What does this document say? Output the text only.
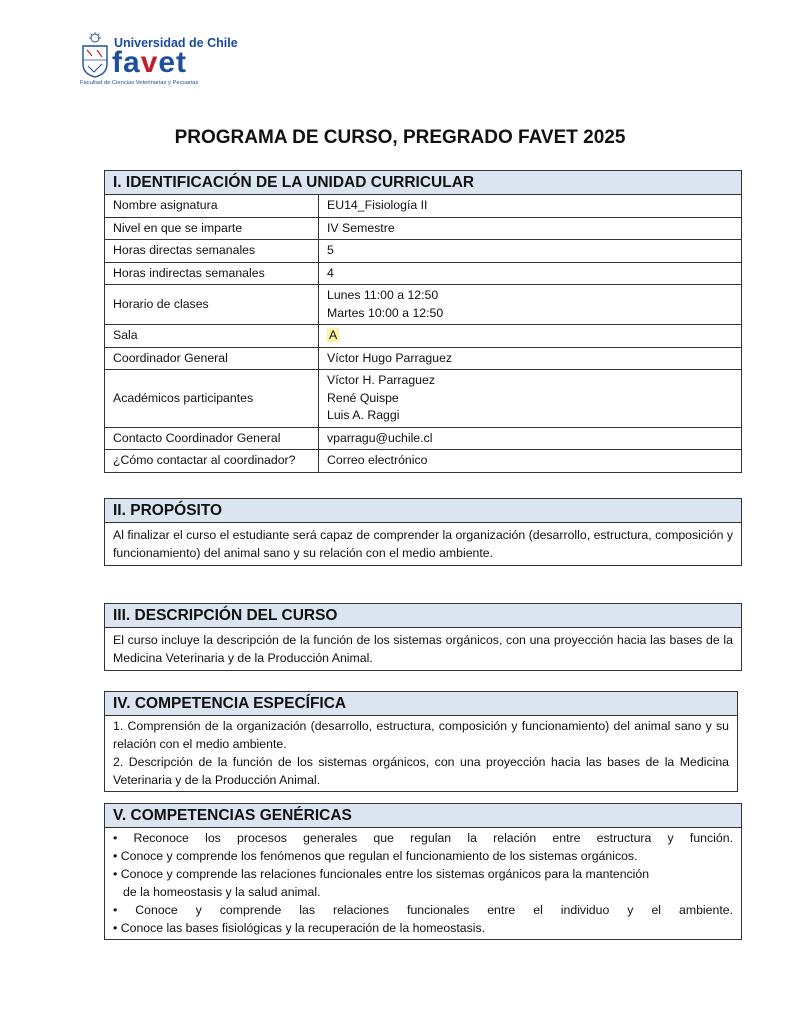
Universidad de Chile
favet
Facultad de Ciencias Veterinarias y Pecuarias
PROGRAMA DE CURSO, PREGRADO FAVET 2025
I. IDENTIFICACIÓN DE LA UNIDAD CURRICULAR
Nombre asignatura	EU14_Fisiología II
Nivel en que se imparte	IV Semestre
Horas directas semanales	5
Horas indirectas semanales	4
Horario de clases	Lunes 11:00 a 12:50
Martes 10:00 a 12:50

Sala	A
Coordinador General	Víctor Hugo Parraguez
Académicos participantes	Víctor H. Parraguez
René Quispe
Luis A. Raggi

Contacto Coordinador General	vparragu@uchile.cl
¿Cómo contactar al coordinador?	Correo electrónico
II. PROPÓSITO
Al finalizar el curso el estudiante será capaz de comprender la organización (desarrollo, estructura, composición y funcionamiento) del animal sano y su relación con el medio ambiente.
III. DESCRIPCIÓN DEL CURSO
El curso incluye la descripción de la función de los sistemas orgánicos, con una proyección hacia las bases de la Medicina Veterinaria y de la Producción Animal.
IV. COMPETENCIA ESPECÍFICA
1. Comprensión de la organización (desarrollo, estructura, composición y funcionamiento) del animal sano y su relación con el medio ambiente.
2. Descripción de la función de los sistemas orgánicos, con una proyección hacia las bases de la Medicina Veterinaria y de la Producción Animal.
V. COMPETENCIAS GENÉRICAS
• Reconoce los procesos generales que regulan la relación entre estructura y función.
• Conoce y comprende los fenómenos que regulan el funcionamiento de los sistemas orgánicos.
• Conoce y comprende las relaciones funcionales entre los sistemas orgánicos para la mantención
de la homeostasis y la salud animal.
• Conoce y comprende las relaciones funcionales entre el individuo y el ambiente.
• Conoce las bases fisiológicas y la recuperación de la homeostasis.
